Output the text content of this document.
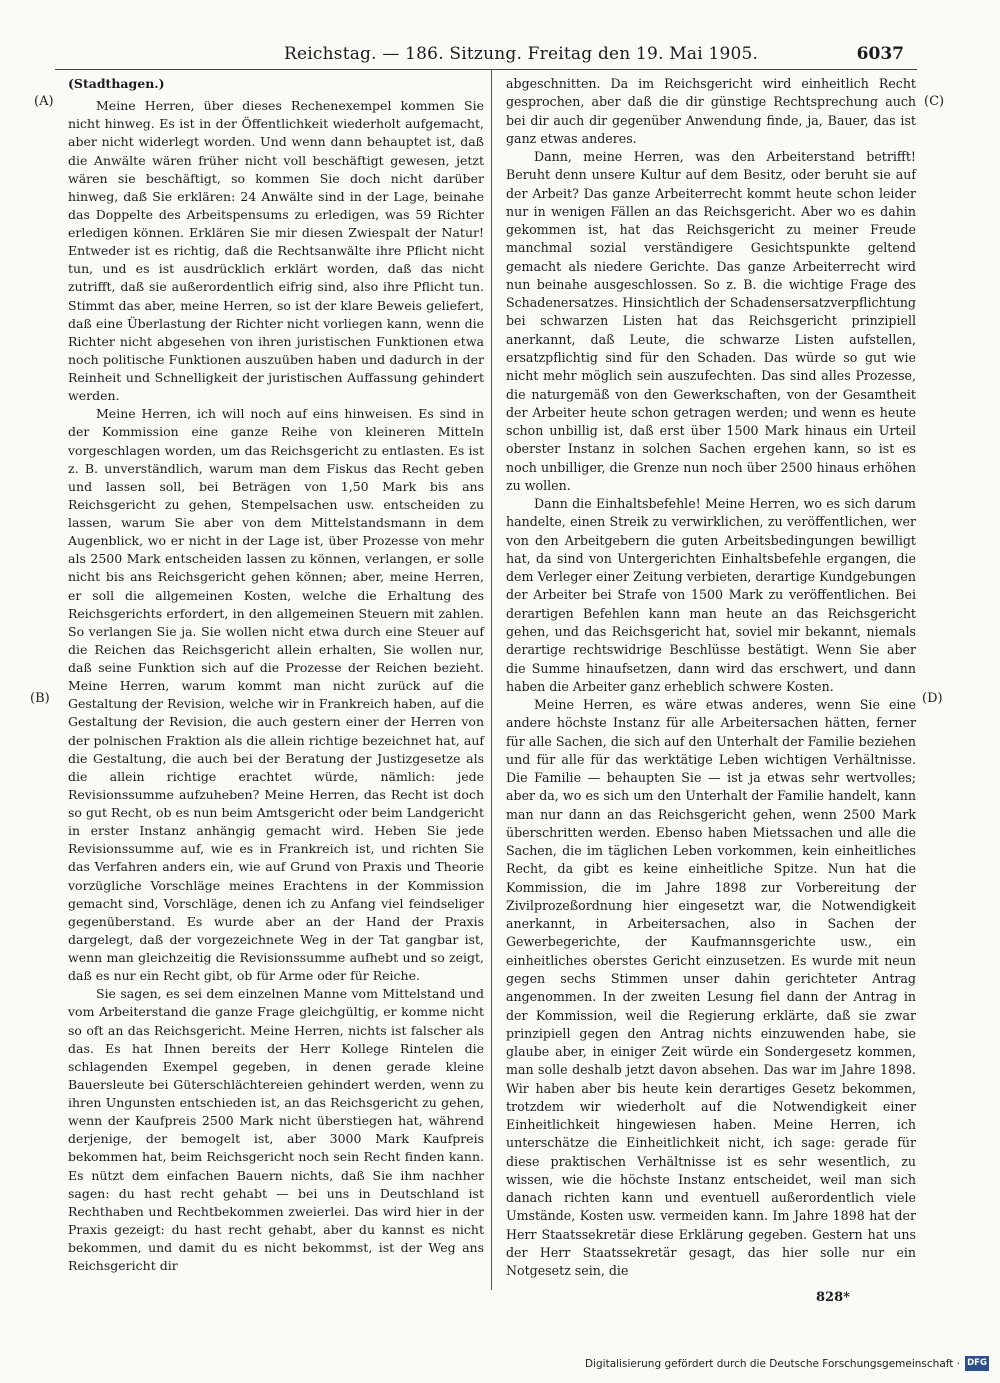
Reichstag. — 186. Sitzung. Freitag den 19. Mai 1905.	6037
(A)
(B)
(C)
(D)
(Stadthagen.)

Meine Herren, über dieses Rechenexempel kommen Sie nicht hinweg. Es ist in der Öffentlichkeit wiederholt aufgemacht, aber nicht widerlegt worden. Und wenn dann behauptet ist, daß die Anwälte wären früher nicht voll beschäftigt gewesen, jetzt wären sie beschäftigt, so kommen Sie doch nicht darüber hinweg, daß Sie erklären: 24 Anwälte sind in der Lage, beinahe das Doppelte des Arbeitspensums zu erledigen, was 59 Richter erledigen können. Erklären Sie mir diesen Zwiespalt der Natur! Entweder ist es richtig, daß die Rechtsanwälte ihre Pflicht nicht tun, und es ist ausdrücklich erklärt worden, daß das nicht zutrifft, daß sie außerordentlich eifrig sind, also ihre Pflicht tun. Stimmt das aber, meine Herren, so ist der klare Beweis geliefert, daß eine Überlastung der Richter nicht vorliegen kann, wenn die Richter nicht abgesehen von ihren juristischen Funktionen etwa noch politische Funktionen auszuüben haben und dadurch in der Reinheit und Schnelligkeit der juristischen Auffassung gehindert werden.

Meine Herren, ich will noch auf eins hinweisen. Es sind in der Kommission eine ganze Reihe von kleineren Mitteln vorgeschlagen worden, um das Reichsgericht zu entlasten. Es ist z. B. unverständlich, warum man dem Fiskus das Recht geben und lassen soll, bei Beträgen von 1,50 Mark bis ans Reichsgericht zu gehen, Stempelsachen usw. entscheiden zu lassen, warum Sie aber von dem Mittelstandsmann in dem Augenblick, wo er nicht in der Lage ist, über Prozesse von mehr als 2500 Mark entscheiden lassen zu können, verlangen, er solle nicht bis ans Reichsgericht gehen können; aber, meine Herren, er soll die allgemeinen Kosten, welche die Erhaltung des Reichsgerichts erfordert, in den allgemeinen Steuern mit zahlen. So verlangen Sie ja. Sie wollen nicht etwa durch eine Steuer auf die Reichen das Reichsgericht allein erhalten, Sie wollen nur, daß seine Funktion sich auf die Prozesse der Reichen bezieht. Meine Herren, warum kommt man nicht zurück auf die Gestaltung der Revision, welche wir in Frankreich haben, auf die Gestaltung der Revision, die auch gestern einer der Herren von der polnischen Fraktion als die allein richtige bezeichnet hat, auf die Gestaltung, die auch bei der Beratung der Justizgesetze als die allein richtige erachtet würde, nämlich: jede Revisionssumme aufzuheben? Meine Herren, das Recht ist doch so gut Recht, ob es nun beim Amtsgericht oder beim Landgericht in erster Instanz anhängig gemacht wird. Heben Sie jede Revisionssumme auf, wie es in Frankreich ist, und richten Sie das Verfahren anders ein, wie auf Grund von Praxis und Theorie vorzügliche Vorschläge meines Erachtens in der Kommission gemacht sind, Vorschläge, denen ich zu Anfang viel feindseliger gegenüberstand. Es wurde aber an der Hand der Praxis dargelegt, daß der vorgezeichnete Weg in der Tat gangbar ist, wenn man gleichzeitig die Revisionssumme aufhebt und so zeigt, daß es nur ein Recht gibt, ob für Arme oder für Reiche.

Sie sagen, es sei dem einzelnen Manne vom Mittelstand und vom Arbeiterstand die ganze Frage gleichgültig, er komme nicht so oft an das Reichsgericht. Meine Herren, nichts ist falscher als das. Es hat Ihnen bereits der Herr Kollege Rintelen die schlagenden Exempel gegeben, in denen gerade kleine Bauersleute bei Güterschlächtereien gehindert werden, wenn zu ihren Ungunsten entschieden ist, an das Reichsgericht zu gehen, wenn der Kaufpreis 2500 Mark nicht überstiegen hat, während derjenige, der bemogelt ist, aber 3000 Mark Kaufpreis bekommen hat, beim Reichsgericht noch sein Recht finden kann. Es nützt dem einfachen Bauern nichts, daß Sie ihm nachher sagen: du hast recht gehabt — bei uns in Deutschland ist Rechthaben und Rechtbekommen zweierlei. Das wird hier in der Praxis gezeigt: du hast recht gehabt, aber du kannst es nicht bekommen, und damit du es nicht bekommst, ist der Weg ans Reichsgericht dir

abgeschnitten. Da im Reichsgericht wird einheitlich Recht gesprochen, aber daß die dir günstige Rechtsprechung auch bei dir auch dir gegenüber Anwendung finde, ja, Bauer, das ist ganz etwas anderes.

Dann, meine Herren, was den Arbeiterstand betrifft! Beruht denn unsere Kultur auf dem Besitz, oder beruht sie auf der Arbeit? Das ganze Arbeiterrecht kommt heute schon leider nur in wenigen Fällen an das Reichsgericht. Aber wo es dahin gekommen ist, hat das Reichsgericht zu meiner Freude manchmal sozial verständigere Gesichtspunkte geltend gemacht als niedere Gerichte. Das ganze Arbeiterrecht wird nun beinahe ausgeschlossen. So z. B. die wichtige Frage des Schadenersatzes. Hinsichtlich der Schadensersatzverpflichtung bei schwarzen Listen hat das Reichsgericht prinzipiell anerkannt, daß Leute, die schwarze Listen aufstellen, ersatzpflichtig sind für den Schaden. Das würde so gut wie nicht mehr möglich sein auszufechten. Das sind alles Prozesse, die naturgemäß von den Gewerkschaften, von der Gesamtheit der Arbeiter heute schon getragen werden; und wenn es heute schon unbillig ist, daß erst über 1500 Mark hinaus ein Urteil oberster Instanz in solchen Sachen ergehen kann, so ist es noch unbilliger, die Grenze nun noch über 2500 hinaus erhöhen zu wollen.

Dann die Einhaltsbefehle! Meine Herren, wo es sich darum handelte, einen Streik zu verwirklichen, zu veröffentlichen, wer von den Arbeitgebern die guten Arbeitsbedingungen bewilligt hat, da sind von Untergerichten Einhaltsbefehle ergangen, die dem Verleger einer Zeitung verbieten, derartige Kundgebungen der Arbeiter bei Strafe von 1500 Mark zu veröffentlichen. Bei derartigen Befehlen kann man heute an das Reichsgericht gehen, und das Reichsgericht hat, soviel mir bekannt, niemals derartige rechtswidrige Beschlüsse bestätigt. Wenn Sie aber die Summe hinaufsetzen, dann wird das erschwert, und dann haben die Arbeiter ganz erheblich schwere Kosten.

Meine Herren, es wäre etwas anderes, wenn Sie eine andere höchste Instanz für alle Arbeitersachen hätten, ferner für alle Sachen, die sich auf den Unterhalt der Familie beziehen und für alle für das werktätige Leben wichtigen Verhältnisse. Die Familie — behaupten Sie — ist ja etwas sehr wertvolles; aber da, wo es sich um den Unterhalt der Familie handelt, kann man nur dann an das Reichsgericht gehen, wenn 2500 Mark überschritten werden. Ebenso haben Mietssachen und alle die Sachen, die im täglichen Leben vorkommen, kein einheitliches Recht, da gibt es keine einheitliche Spitze. Nun hat die Kommission, die im Jahre 1898 zur Vorbereitung der Zivilprozeßordnung hier eingesetzt war, die Notwendigkeit anerkannt, in Arbeitersachen, also in Sachen der Gewerbegerichte, der Kaufmannsgerichte usw., ein einheitliches oberstes Gericht einzusetzen. Es wurde mit neun gegen sechs Stimmen unser dahin gerichteter Antrag angenommen. In der zweiten Lesung fiel dann der Antrag in der Kommission, weil die Regierung erklärte, daß sie zwar prinzipiell gegen den Antrag nichts einzuwenden habe, sie glaube aber, in einiger Zeit würde ein Sondergesetz kommen, man solle deshalb jetzt davon absehen. Das war im Jahre 1898. Wir haben aber bis heute kein derartiges Gesetz bekommen, trotzdem wir wiederholt auf die Notwendigkeit einer Einheitlichkeit hingewiesen haben. Meine Herren, ich unterschätze die Einheitlichkeit nicht, ich sage: gerade für diese praktischen Verhältnisse ist es sehr wesentlich, zu wissen, wie die höchste Instanz entscheidet, weil man sich danach richten kann und eventuell außerordentlich viele Umstände, Kosten usw. vermeiden kann. Im Jahre 1898 hat der Herr Staatssekretär diese Erklärung gegeben. Gestern hat uns der Herr Staatssekretär gesagt, das hier solle nur ein Notgesetz sein, die

828*
Digitalisierung gefördert durch die Deutsche Forschungsgemeinschaft · DFG
